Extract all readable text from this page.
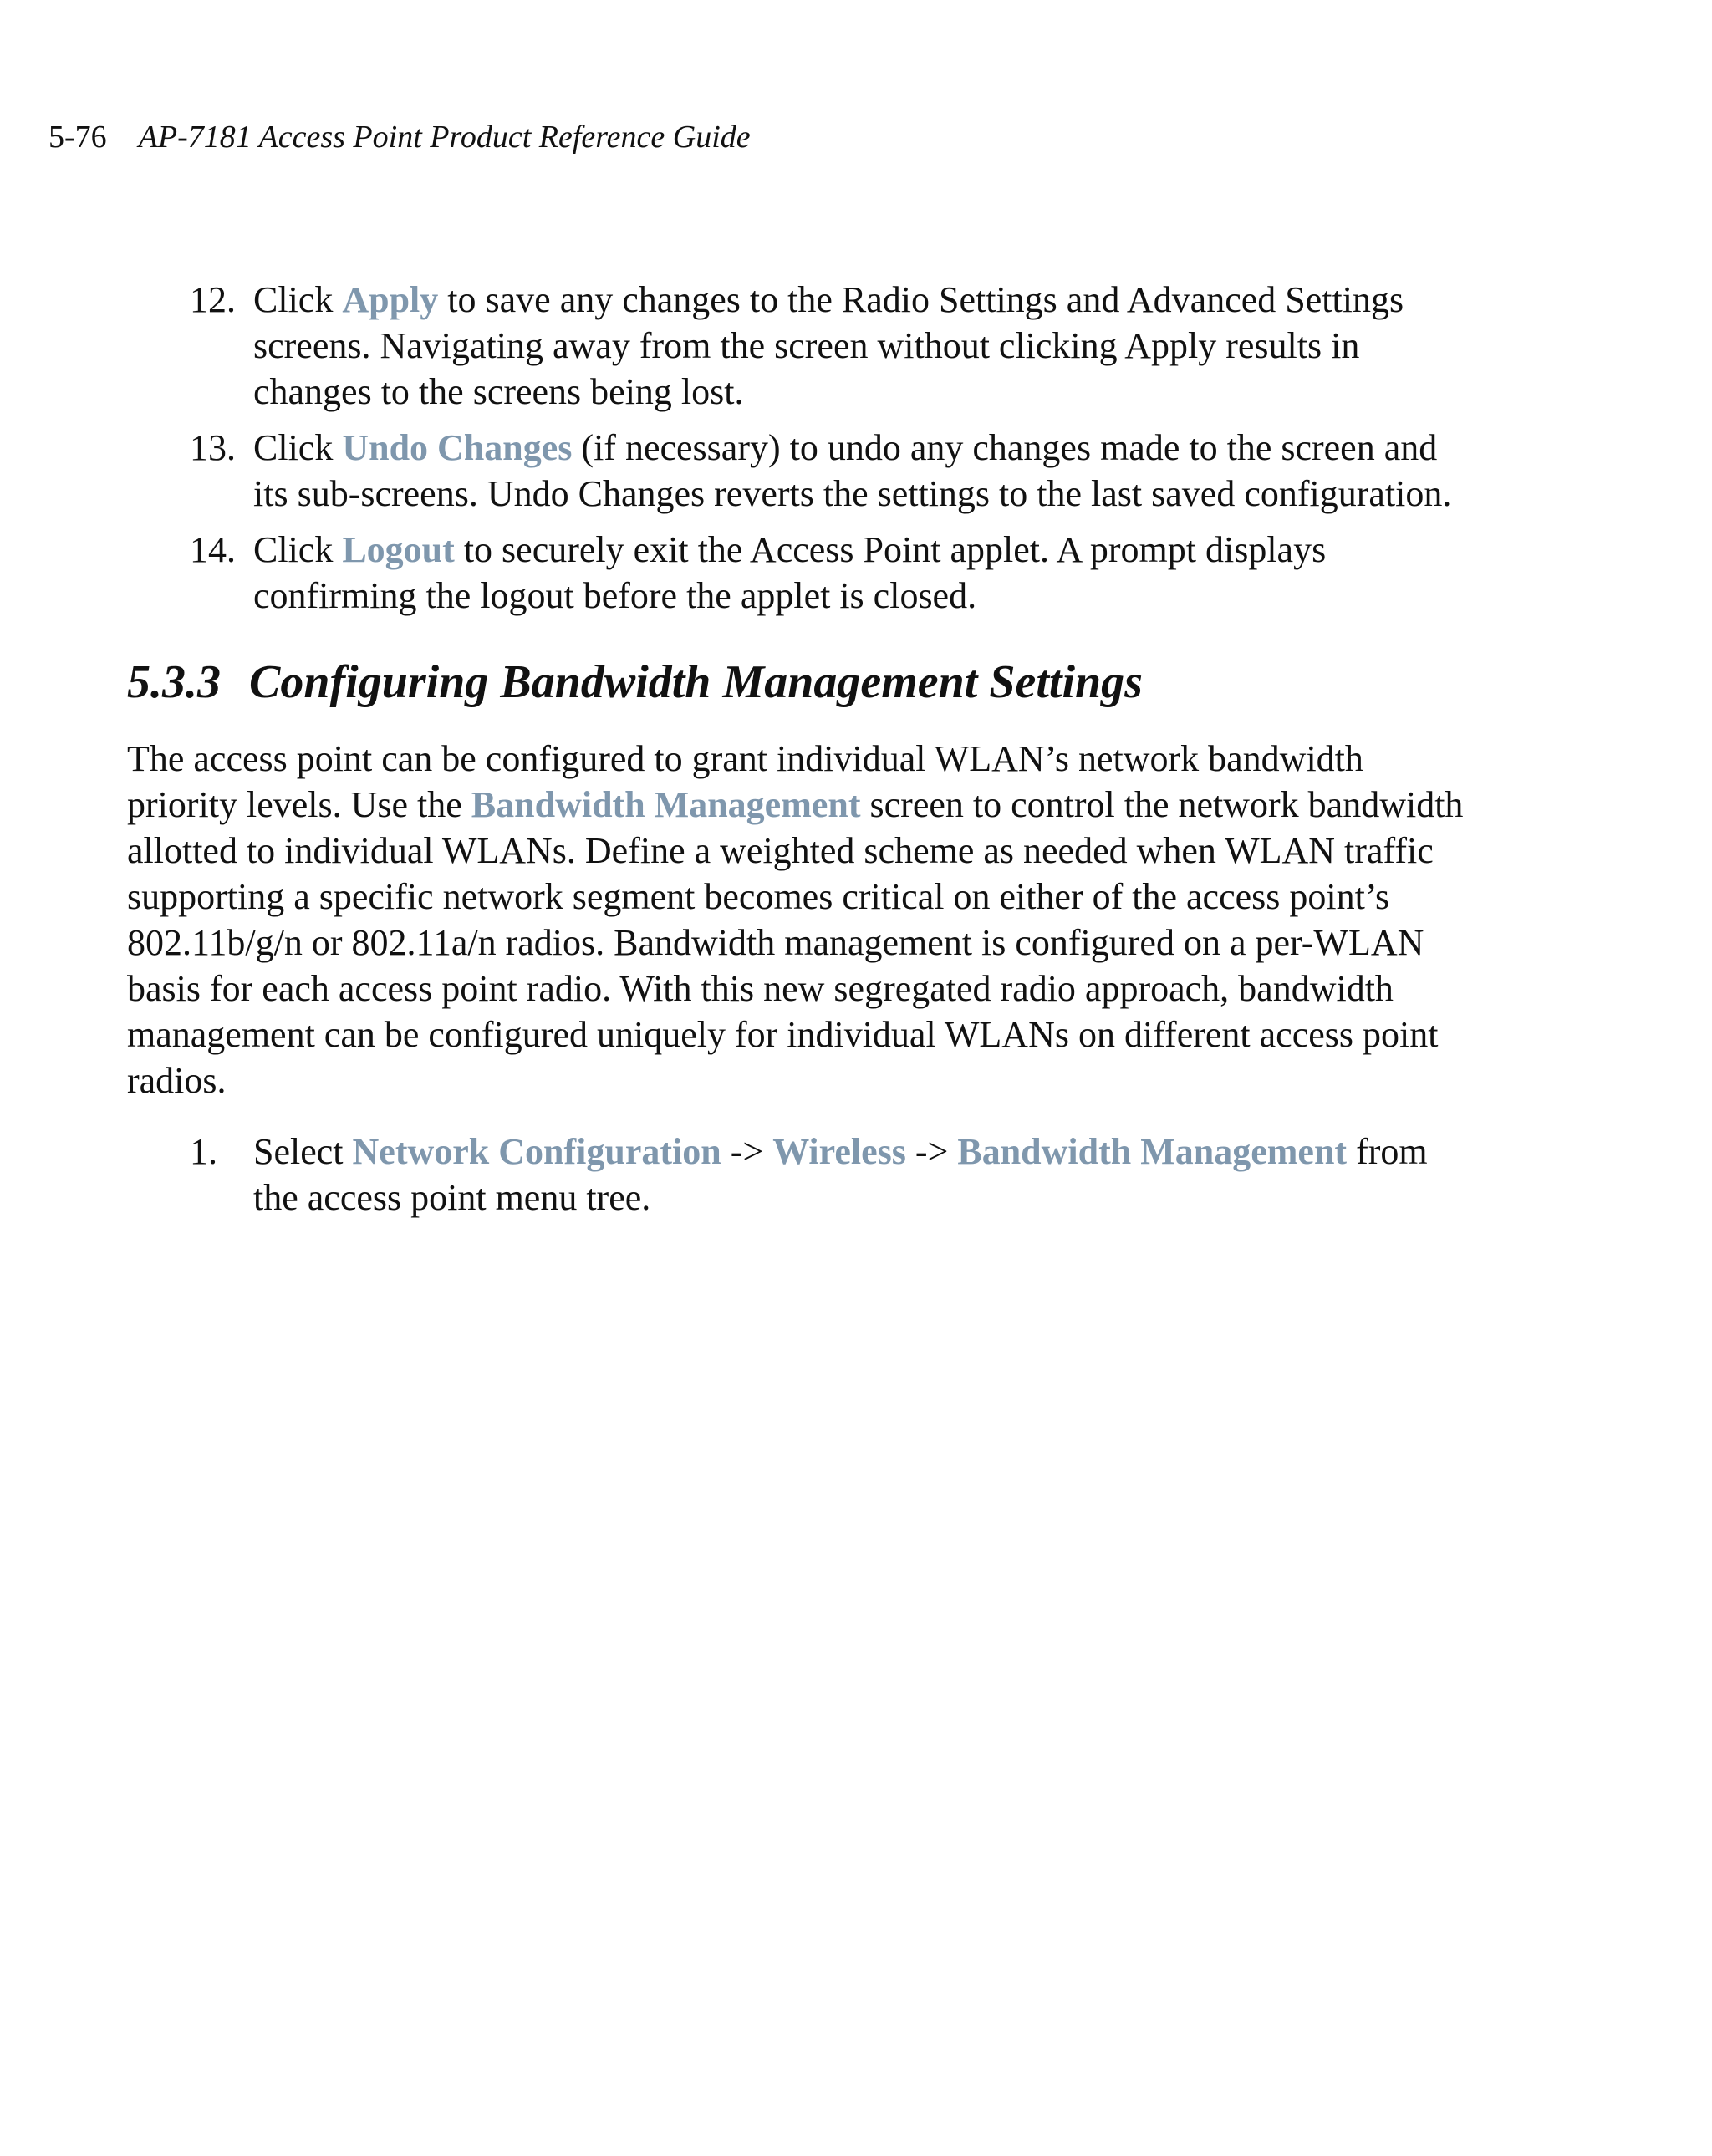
5-76 AP-7181 Access Point Product Reference Guide
12. Click Apply to save any changes to the Radio Settings and Advanced Settings
screens. Navigating away from the screen without clicking Apply results in
changes to the screens being lost.
13. Click Undo Changes (if necessary) to undo any changes made to the screen and
its sub-screens. Undo Changes reverts the settings to the last saved configuration.
14. Click Logout to securely exit the Access Point applet. A prompt displays
confirming the logout before the applet is closed.
5.3.3 Configuring Bandwidth Management Settings
The access point can be configured to grant individual WLAN’s network bandwidth
priority levels. Use the Bandwidth Management screen to control the network bandwidth
allotted to individual WLANs. Define a weighted scheme as needed when WLAN traffic
supporting a specific network segment becomes critical on either of the access point’s
802.11b/g/n or 802.11a/n radios. Bandwidth management is configured on a per-WLAN
basis for each access point radio. With this new segregated radio approach, bandwidth
management can be configured uniquely for individual WLANs on different access point
radios.
1. Select Network Configuration -> Wireless -> Bandwidth Management from
the access point menu tree.
